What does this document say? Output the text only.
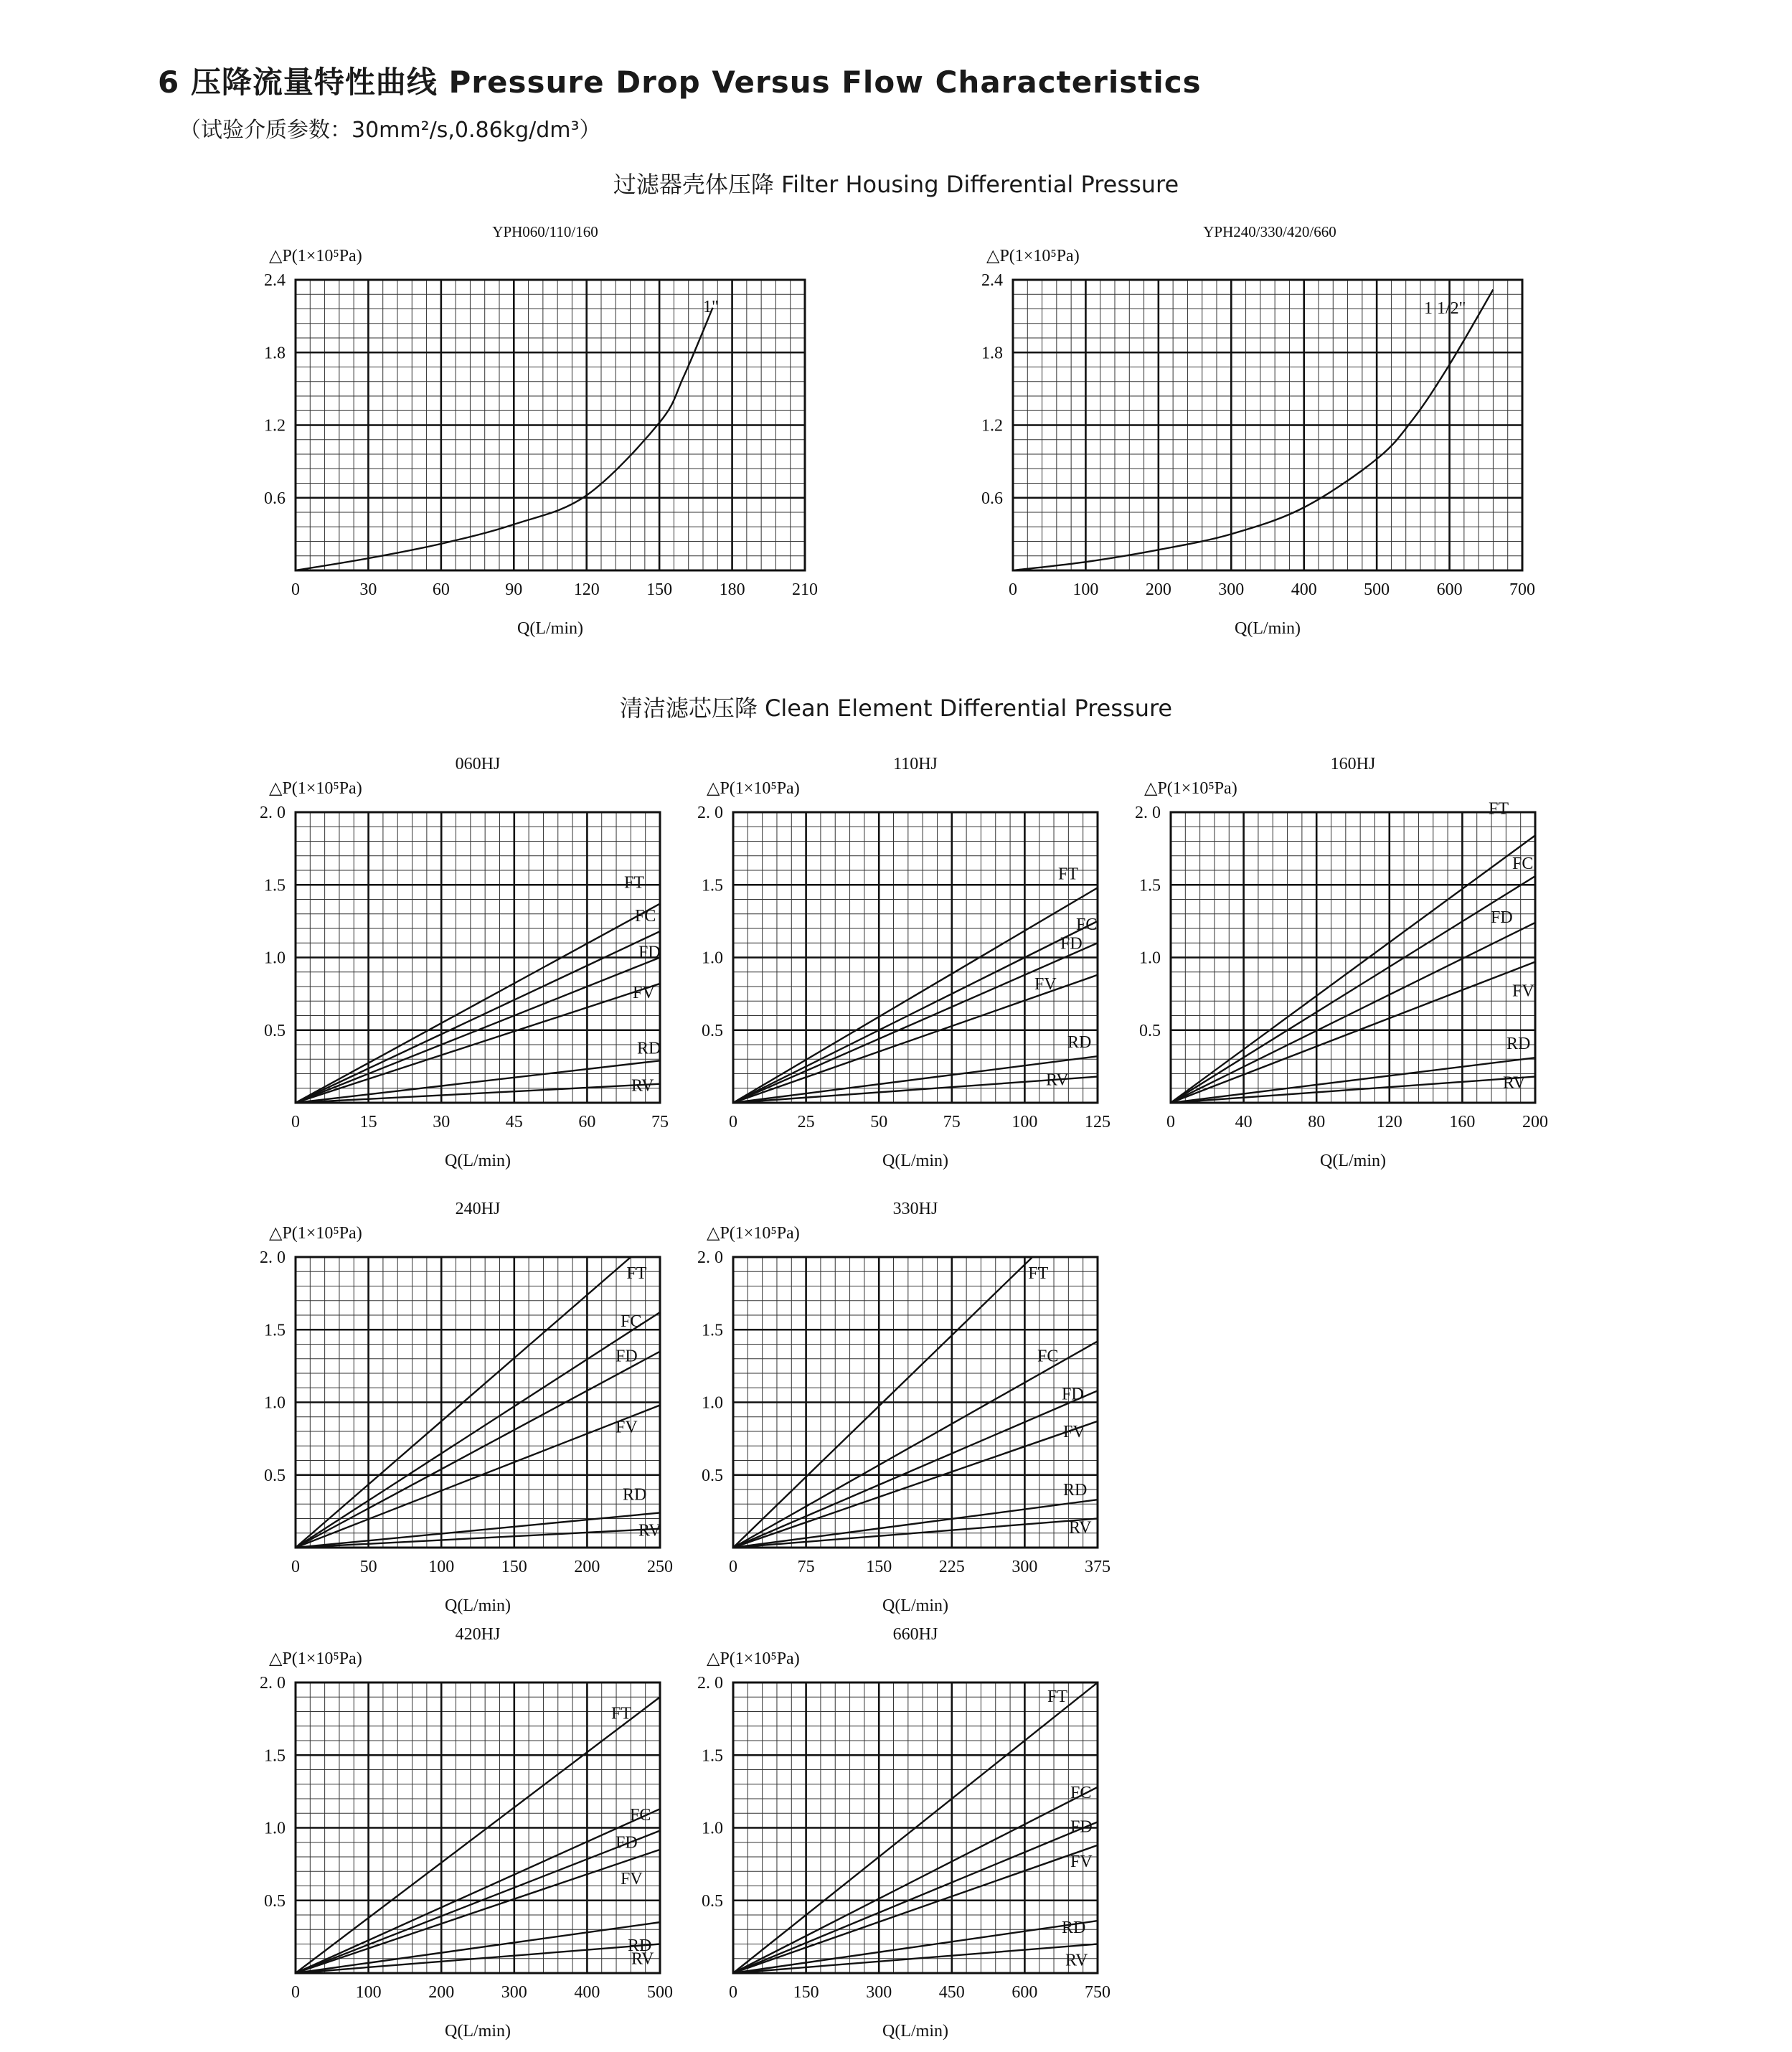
6 压降流量特性曲线 Pressure Drop Versus Flow Characteristics
（试验介质参数：30mm²/s,0.86kg/dm³）
过滤器壳体压降 Filter Housing Differential Pressure
清洁滤芯压降 Clean Element Differential Pressure
0	30	60	90	120	150	180	210
0.6
1.2
1.8
2.4
YPH060/110/160
△P(1×10⁵Pa)
Q(L/min)
1"
0	100	200	300	400	500	600	700
0.6
1.2
1.8
2.4
YPH240/330/420/660
△P(1×10⁵Pa)
Q(L/min)
1 1/2"
0	15	30	45	60	75
0.5
1.0
1.5
2. 0
060HJ
△P(1×10⁵Pa)
Q(L/min)
FT
FC
FD
FV
RD
RV
0	25	50	75	100	125
0.5
1.0
1.5
2. 0
110HJ
△P(1×10⁵Pa)
Q(L/min)
FT
FC
FD
FV
RD
RV
0	40	80	120	160	200
0.5
1.0
1.5
2. 0
160HJ
△P(1×10⁵Pa)
Q(L/min)
FT
FC
FD
FV
RD
RV
0	50	100	150	200	250
0.5
1.0
1.5
2. 0
240HJ
△P(1×10⁵Pa)
Q(L/min)
FT
FC
FD
FV
RD
RV
0	75	150	225	300	375
0.5
1.0
1.5
2. 0
330HJ
△P(1×10⁵Pa)
Q(L/min)
FT
FC
FD
FV
RD
RV
0	100	200	300	400	500
0.5
1.0
1.5
2. 0
420HJ
△P(1×10⁵Pa)
Q(L/min)
FT
FC
FD
FV
RD
RV
0	150	300	450	600	750
0.5
1.0
1.5
2. 0
660HJ
△P(1×10⁵Pa)
Q(L/min)
FT
FC
FD
FV
RD
RV
